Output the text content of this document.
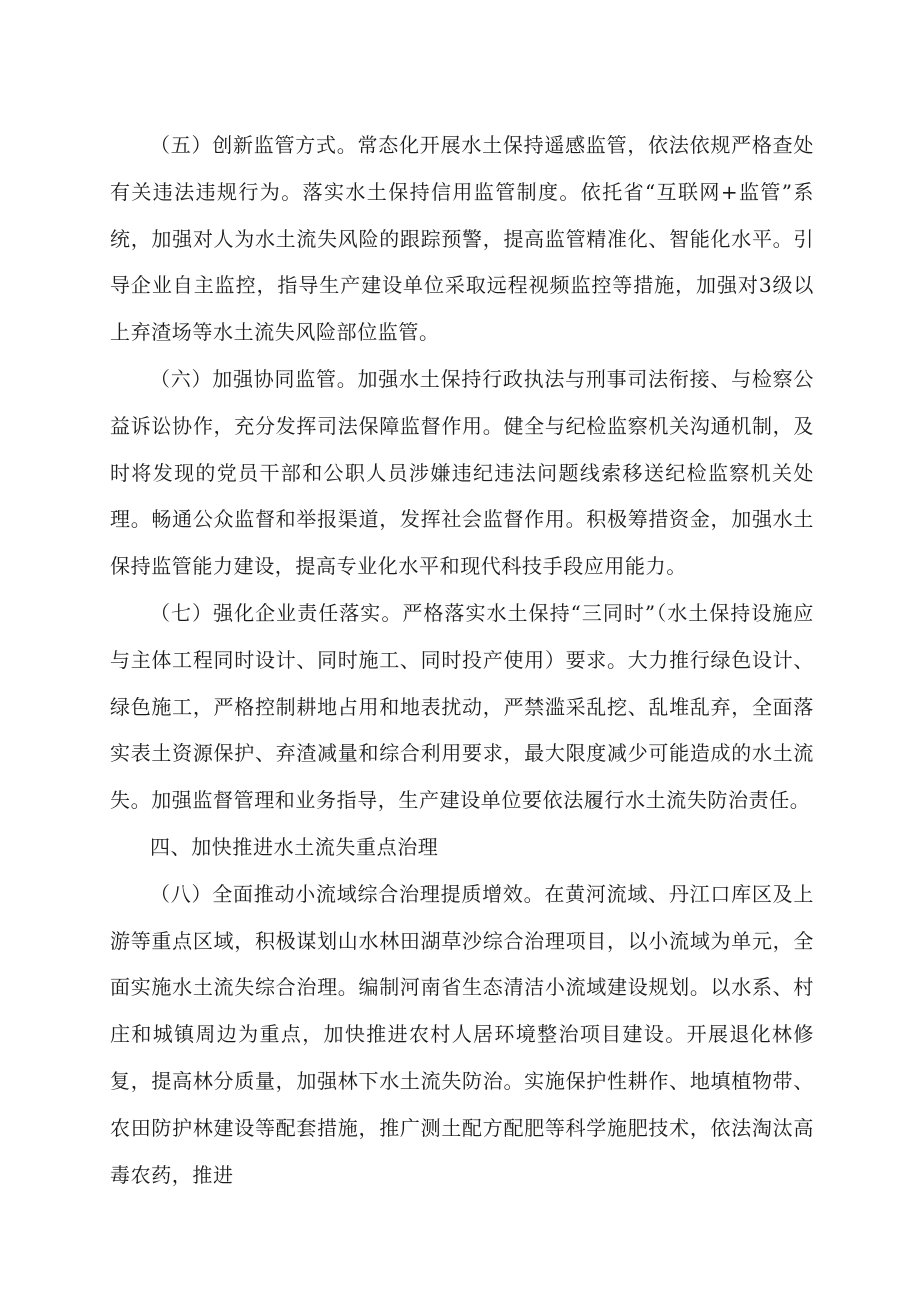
（五）创新监管方式。常态化开展水土保持遥感监管，依法依规严格查处有关违法违规行为。落实水土保持信用监管制度。依托省“互联网+监管”系统，加强对人为水土流失风险的跟踪预警，提高监管精准化、智能化水平。引导企业自主监控，指导生产建设单位采取远程视频监控等措施，加强对3级以上弃渣场等水土流失风险部位监管。

（六）加强协同监管。加强水土保持行政执法与刑事司法衔接、与检察公益诉讼协作，充分发挥司法保障监督作用。健全与纪检监察机关沟通机制，及时将发现的党员干部和公职人员涉嫌违纪违法问题线索移送纪检监察机关处理。畅通公众监督和举报渠道，发挥社会监督作用。积极筹措资金，加强水土保持监管能力建设，提高专业化水平和现代科技手段应用能力。

（七）强化企业责任落实。严格落实水土保持“三同时”（水土保持设施应与主体工程同时设计、同时施工、同时投产使用）要求。大力推行绿色设计、绿色施工，严格控制耕地占用和地表扰动，严禁滥采乱挖、乱堆乱弃，全面落实表土资源保护、弃渣减量和综合利用要求，最大限度减少可能造成的水土流失。加强监督管理和业务指导，生产建设单位要依法履行水土流失防治责任。

四、加快推进水土流失重点治理

（八）全面推动小流域综合治理提质增效。在黄河流域、丹江口库区及上游等重点区域，积极谋划山水林田湖草沙综合治理项目，以小流域为单元，全面实施水土流失综合治理。编制河南省生态清洁小流域建设规划。以水系、村庄和城镇周边为重点，加快推进农村人居环境整治项目建设。开展退化林修复，提高林分质量，加强林下水土流失防治。实施保护性耕作、地填植物带、农田防护林建设等配套措施，推广测土配方配肥等科学施肥技术，依法淘汰高毒农药，推进
